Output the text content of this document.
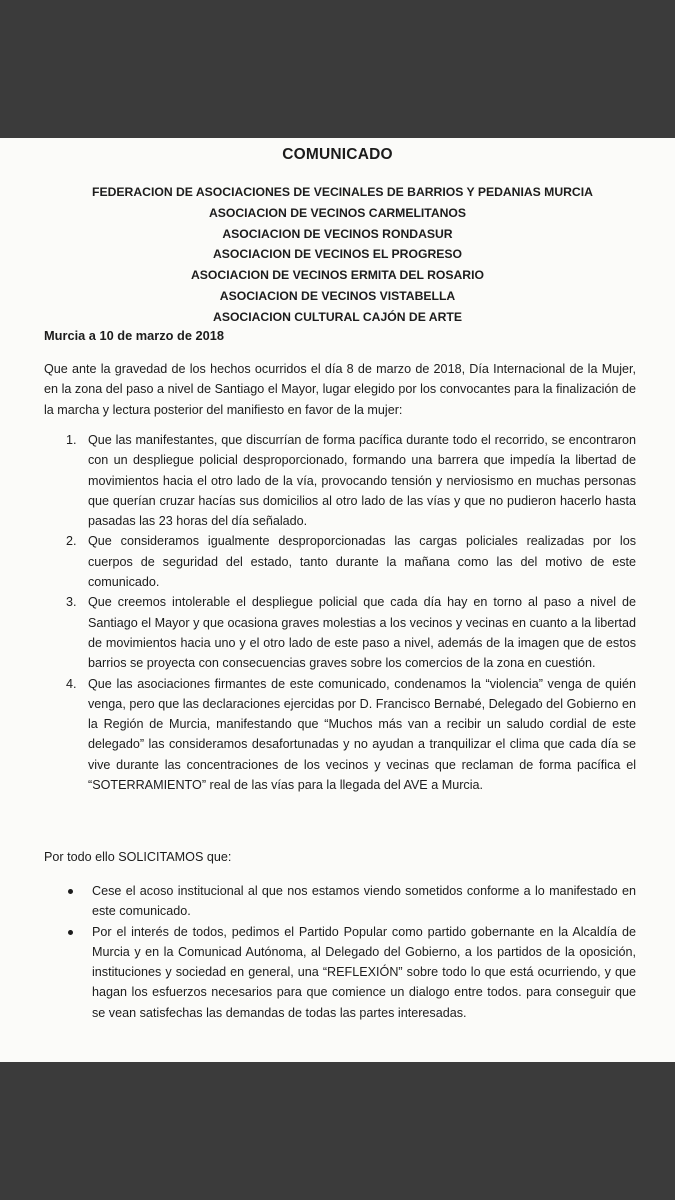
COMUNICADO
FEDERACION DE ASOCIACIONES DE VECINALES DE BARRIOS Y PEDANIAS MURCIA
ASOCIACION DE VECINOS CARMELITANOS
ASOCIACION DE VECINOS RONDASUR
ASOCIACION DE VECINOS EL PROGRESO
ASOCIACION DE VECINOS ERMITA DEL ROSARIO
ASOCIACION DE VECINOS VISTABELLA
ASOCIACION CULTURAL CAJÓN DE ARTE
Murcia a 10 de marzo de 2018
Que ante la gravedad de los hechos ocurridos el día 8 de marzo de 2018, Día Internacional de la Mujer, en la zona del paso a nivel de Santiago el Mayor, lugar elegido por los convocantes para la finalización de la marcha y lectura posterior del manifiesto en favor de la mujer:
1. Que las manifestantes, que discurrían de forma pacífica durante todo el recorrido, se encontraron con un despliegue policial desproporcionado, formando una barrera que impedía la libertad de movimientos hacia el otro lado de la vía, provocando tensión y nerviosismo en muchas personas que querían cruzar hacías sus domicilios al otro lado de las vías y que no pudieron hacerlo hasta pasadas las 23 horas del día señalado.
2. Que consideramos igualmente desproporcionadas las cargas policiales realizadas por los cuerpos de seguridad del estado, tanto durante la mañana como las del motivo de este comunicado.
3. Que creemos intolerable el despliegue policial que cada día hay en torno al paso a nivel de Santiago el Mayor y que ocasiona graves molestias a los vecinos y vecinas en cuanto a la libertad de movimientos hacia uno y el otro lado de este paso a nivel, además de la imagen que de estos barrios se proyecta con consecuencias graves sobre los comercios de la zona en cuestión.
4. Que las asociaciones firmantes de este comunicado, condenamos la “violencia” venga de quién venga, pero que las declaraciones ejercidas por D. Francisco Bernabé, Delegado del Gobierno en la Región de Murcia, manifestando que “Muchos más van a recibir un saludo cordial de este delegado” las consideramos desafortunadas y no ayudan a tranquilizar el clima que cada día se vive durante las concentraciones de los vecinos y vecinas que reclaman de forma pacífica el “SOTERRAMIENTO” real de las vías para la llegada del AVE a Murcia.
Por todo ello SOLICITAMOS que:
Cese el acoso institucional al que nos estamos viendo sometidos conforme a lo manifestado en este comunicado.
Por el interés de todos, pedimos el Partido Popular como partido gobernante en la Alcaldía de Murcia y en la Comunicad Autónoma, al Delegado del Gobierno, a los partidos de la oposición, instituciones y sociedad en general, una “REFLEXIÓN” sobre todo lo que está ocurriendo, y que hagan los esfuerzos necesarios para que comience un dialogo entre todos. para conseguir que se vean satisfechas las demandas de todas las partes interesadas.
